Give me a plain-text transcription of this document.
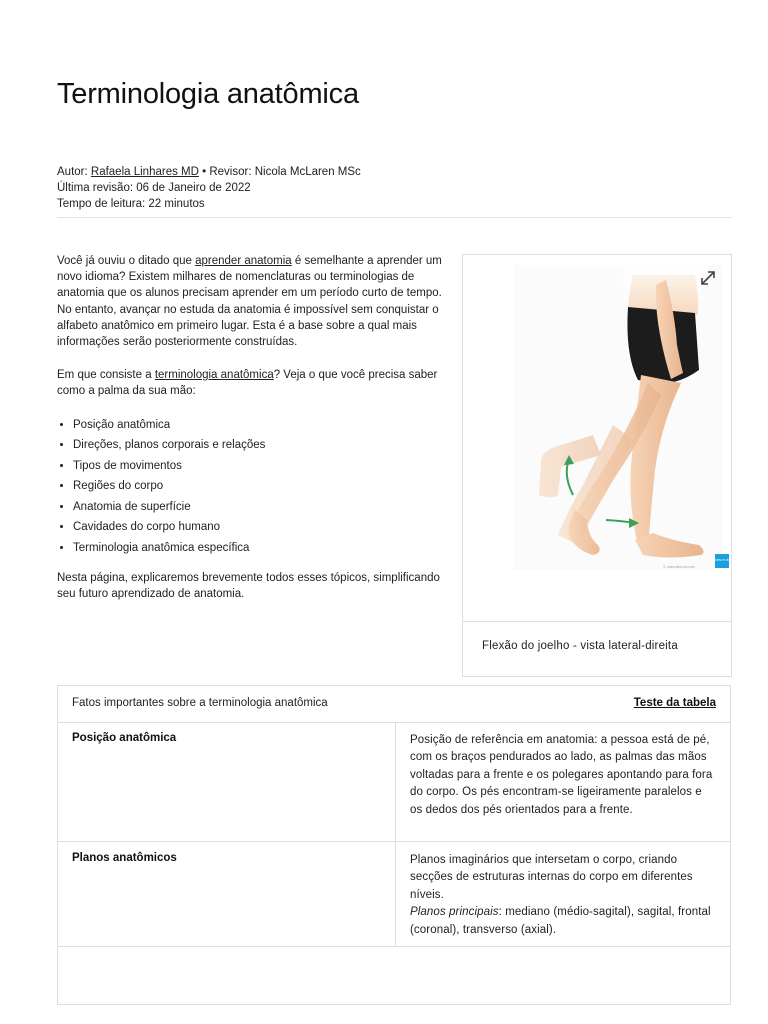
Terminologia anatômica
Autor: Rafaela Linhares MD • Revisor: Nicola McLaren MSc
Última revisão: 06 de Janeiro de 2022
Tempo de leitura: 22 minutos

Você já ouviu o ditado que aprender anatomia é semelhante a aprender um novo idioma? Existem milhares de nomenclaturas ou terminologias de anatomia que os alunos precisam aprender em um período curto de tempo. No entanto, avançar no estuda da anatomia é impossível sem conquistar o alfabeto anatômico em primeiro lugar. Esta é a base sobre a qual mais informações serão posteriormente construídas.

Em que consiste a terminologia anatômica? Veja o que você precisa saber como a palma da sua mão:

• Posição anatômica
• Direções, planos corporais e relações
• Tipos de movimentos
• Regiões do corpo
• Anatomia de superfície
• Cavidades do corpo humano
• Terminologia anatômica específica

Nesta página, explicaremos brevemente todos esses tópicos, simplificando seu futuro aprendizado de anatomia.

KEN HUB
© www.kenhub.com
Flexão do joelho - vista lateral-direita
Fatos importantes sobre a terminologia anatômica	Teste da tabela
Posição anatômica	Posição de referência em anatomia: a pessoa está de pé, com os braços pendurados ao lado, as palmas das mãos voltadas para a frente e os polegares apontando para fora do corpo. Os pés encontram-se ligeiramente paralelos e os dedos dos pés orientados para a frente.
Planos anatômicos	Planos imaginários que intersetam o corpo, criando secções de estruturas internas do corpo em diferentes níveis.
Planos principais: mediano (médio-sagital), sagital, frontal (coronal), transverso (axial).
